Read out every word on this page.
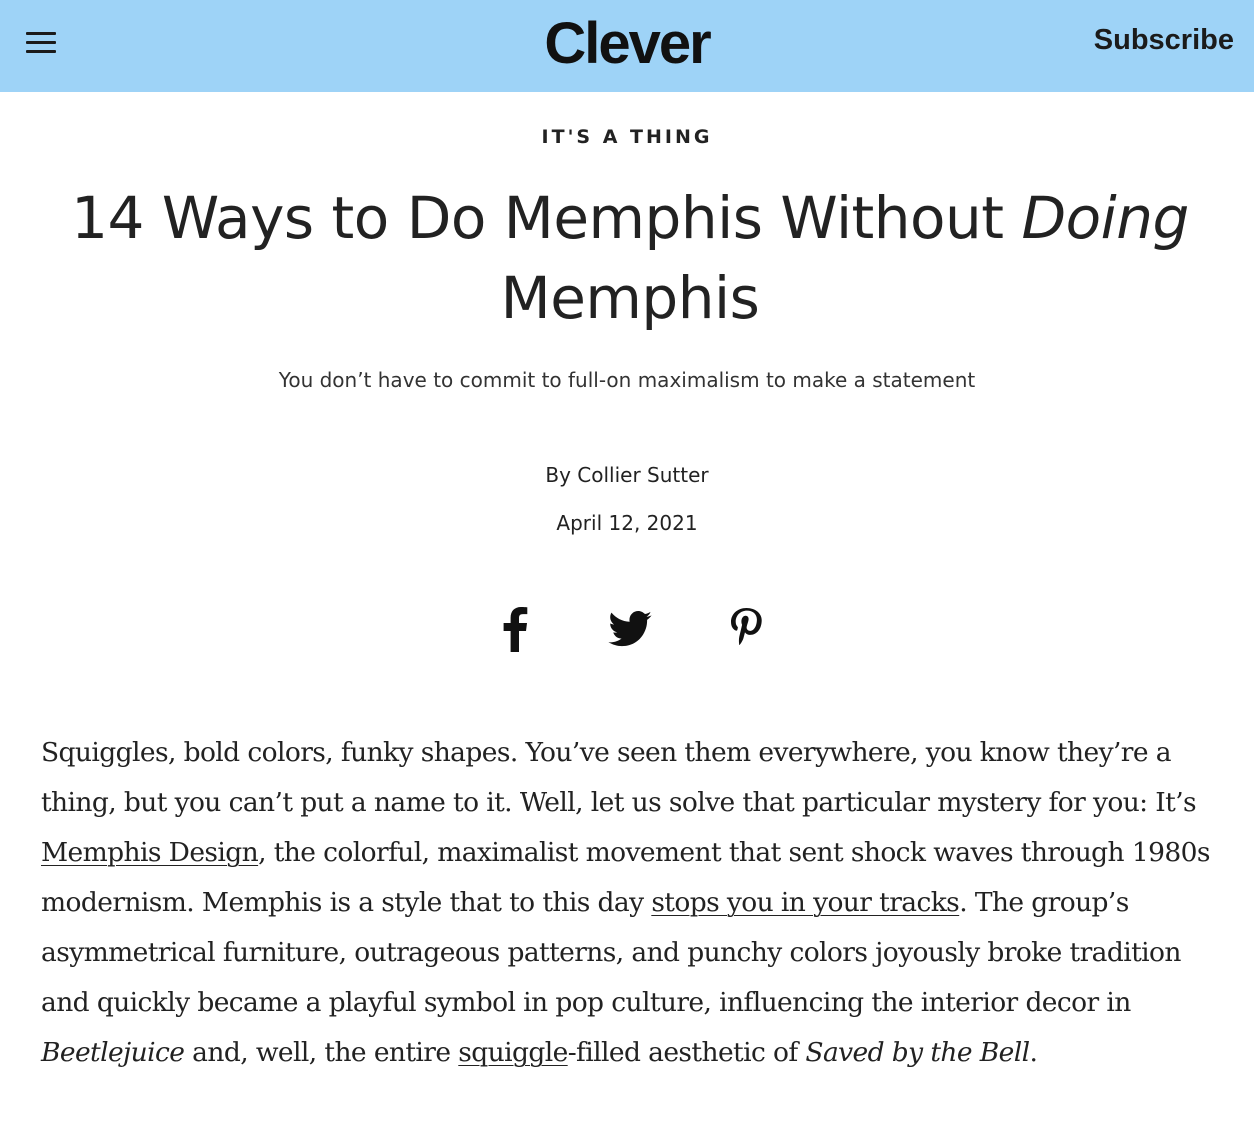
Clever	Subscribe
IT'S A THING
14 Ways to Do Memphis Without Doing
Memphis
You don’t have to commit to full-on maximalism to make a statement
By Collier Sutter
April 12, 2021

Squiggles, bold colors, funky shapes. You’ve seen them everywhere, you know they’re a thing, but you can’t put a name to it. Well, let us solve that particular mystery for you: It’s Memphis Design, the colorful, maximalist movement that sent shock waves through 1980s modernism. Memphis is a style that to this day stops you in your tracks. The group’s asymmetrical furniture, outrageous patterns, and punchy colors joyously broke tradition and quickly became a playful symbol in pop culture, influencing the interior decor in Beetlejuice and, well, the entire squiggle-filled aesthetic of Saved by the Bell.
